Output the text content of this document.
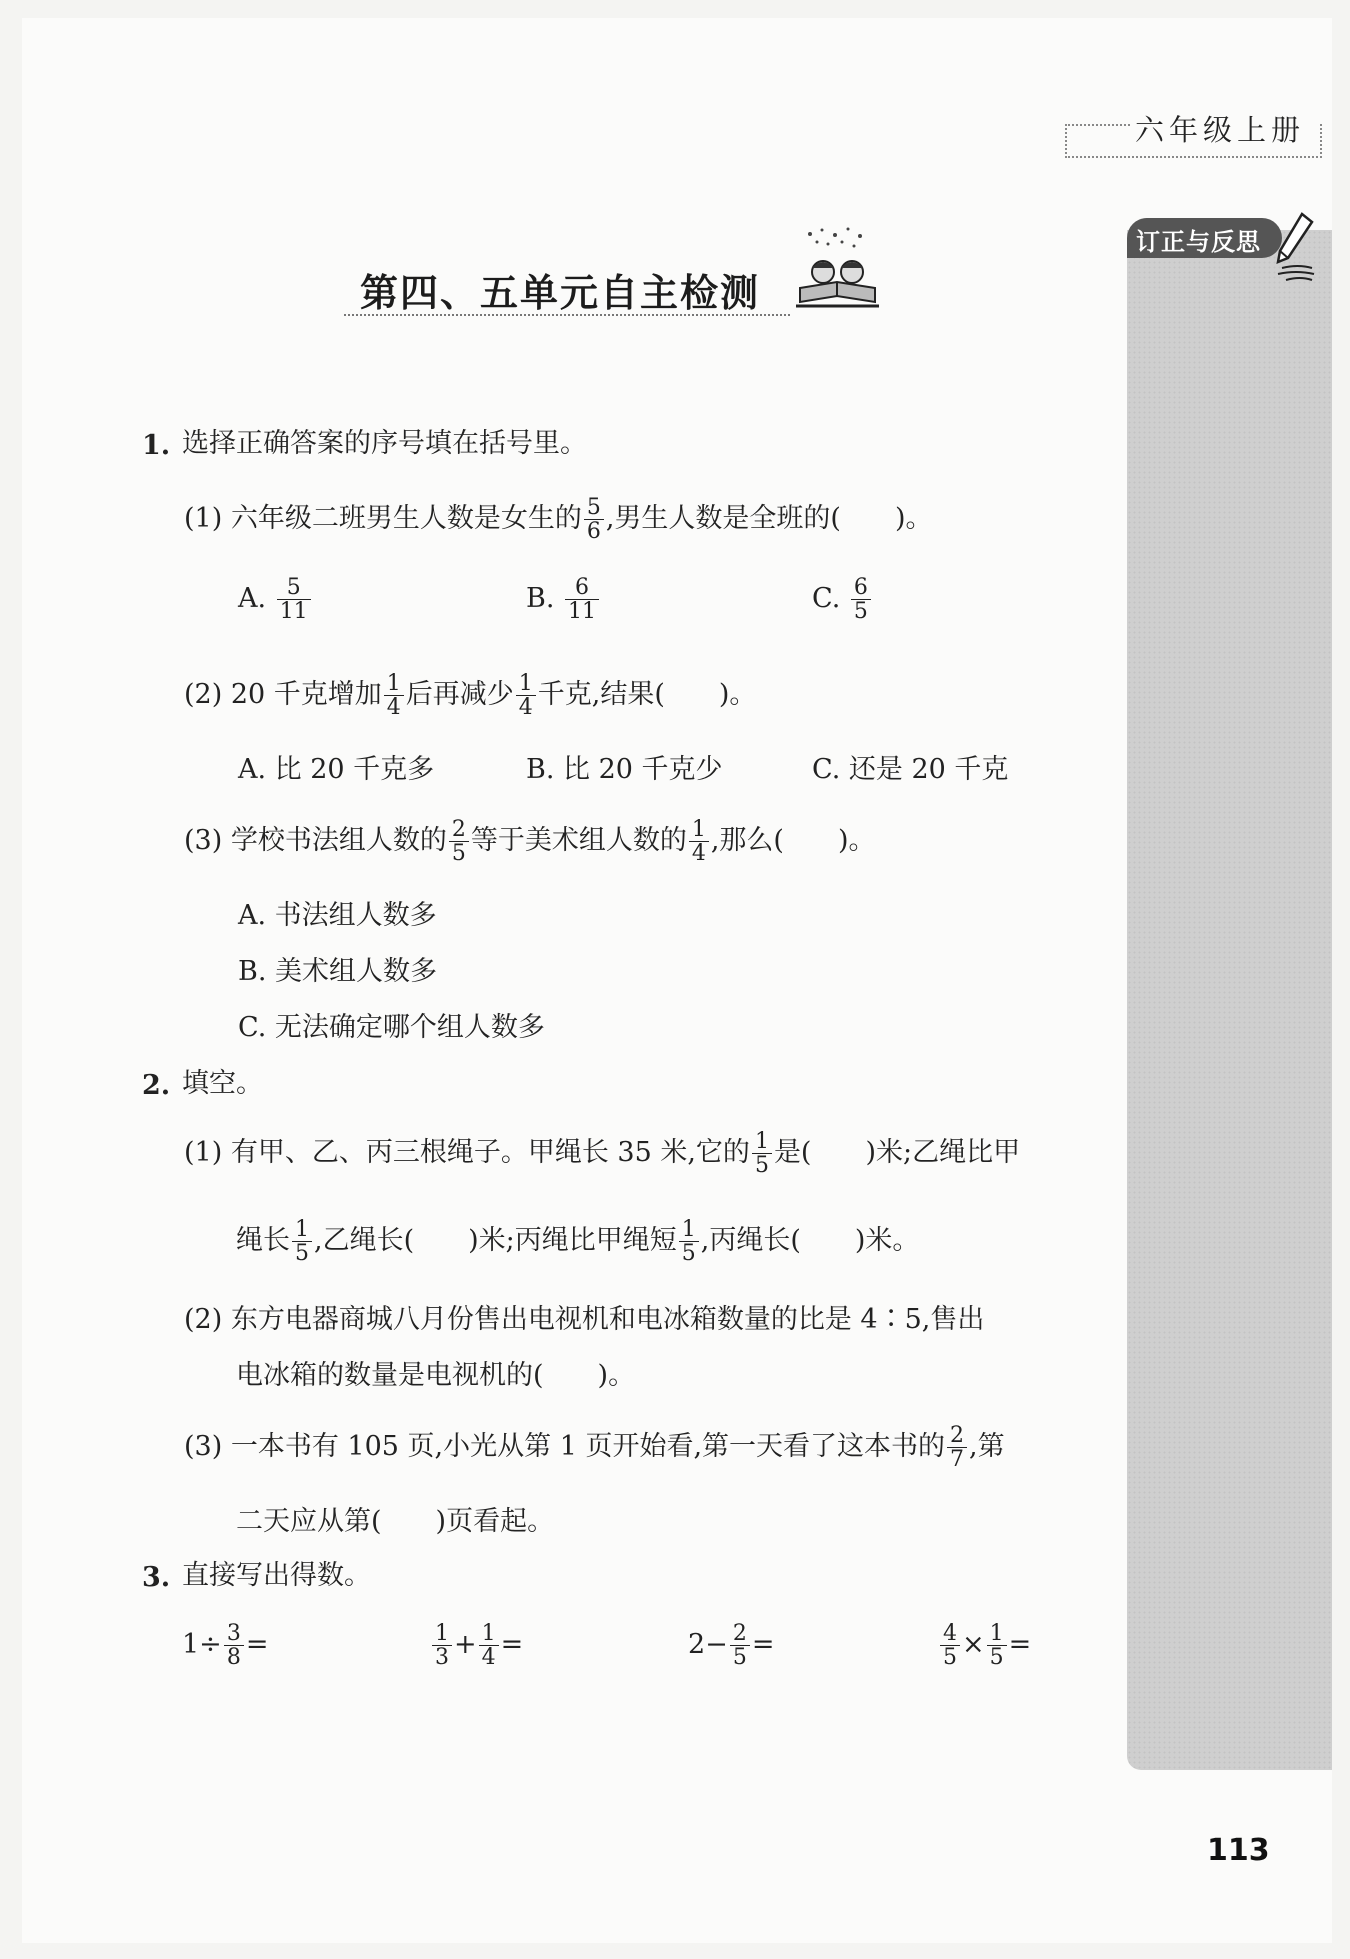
六年级上册
订正与反思
第四、五单元自主检测
1. 选择正确答案的序号填在括号里。
(1) 六年级二班男生人数是女生的 $\frac{5}{6}$ ,男生人数是全班的(　　)。
A. $\frac{5}{11}$	B. $\frac{6}{11}$	C. $\frac{6}{5}$
(2) 20 千克增加 $\frac{1}{4}$ 后再减少 $\frac{1}{4}$ 千克,结果(　　)。
A. 比 20 千克多	B. 比 20 千克少	C. 还是 20 千克
(3) 学校书法组人数的 $\frac{2}{5}$ 等于美术组人数的 $\frac{1}{4}$ ,那么(　　)。
A. 书法组人数多
B. 美术组人数多
C. 无法确定哪个组人数多
2. 填空。
(1) 有甲、乙、丙三根绳子。甲绳长 35 米,它的 $\frac{1}{5}$ 是(　　)米;乙绳比甲
绳长 $\frac{1}{5}$ ,乙绳长(　　)米;丙绳比甲绳短 $\frac{1}{5}$ ,丙绳长(　　)米。
(2) 东方电器商城八月份售出电视机和电冰箱数量的比是 4∶5,售出
电冰箱的数量是电视机的(　　)。
(3) 一本书有 105 页,小光从第 1 页开始看,第一天看了这本书的 $\frac{2}{7}$ ,第
二天应从第(　　)页看起。
3. 直接写出得数。
$1\div \frac{3}{8}$ =	$\frac{1}{3} + \frac{1}{4}$ =	$2- \frac{2}{5}$ =	$\frac{4}{5} \times \frac{1}{5}$ =
113
